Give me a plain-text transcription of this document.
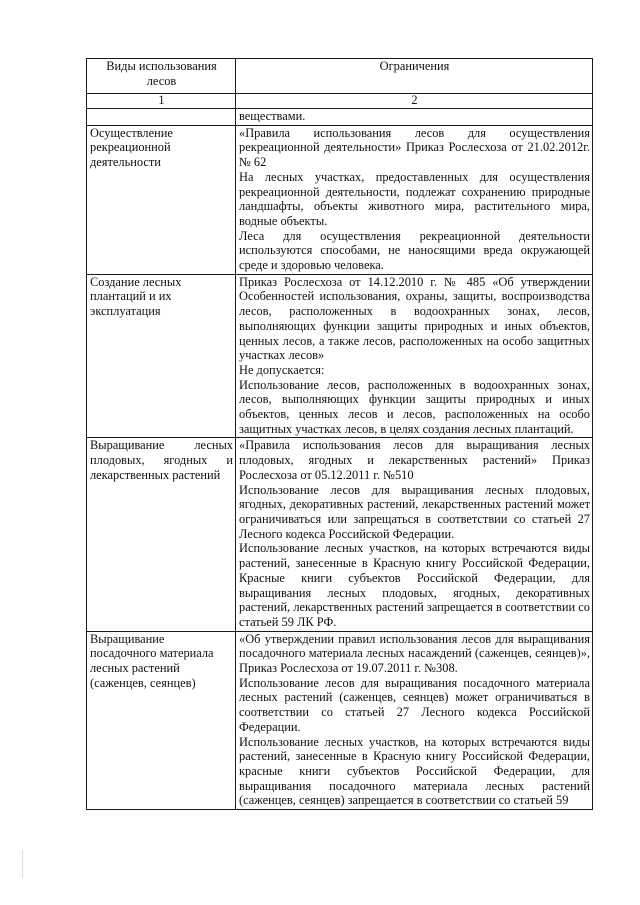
Виды использования лесов	Ограничения
1	2

	веществами.

Осуществление рекреационной деятельности	«Правила использования лесов для осуществления рекреационной деятельности» Приказ Рослесхоза от 21.02.2012г. № 62

На лесных участках, предоставленных для осуществления рекреационной деятельности, подлежат сохранению природные ландшафты, объекты животного мира, растительного мира, водные объекты.

Леса для осуществления рекреационной деятельности используются способами, не наносящими вреда окружающей среде и здоровью человека.

Создание лесных плантаций и их эксплуатация	Приказ Рослесхоза от 14.12.2010 г. № 485 «Об утверждении Особенностей использования, охраны, защиты, воспроизводства лесов, расположенных в водоохранных зонах, лесов, выполняющих функции защиты природных и иных объектов, ценных лесов, а также лесов, расположенных на особо защитных участках лесов»

Не допускается:

Использование лесов, расположенных в водоохранных зонах, лесов, выполняющих функции защиты природных и иных объектов, ценных лесов и лесов, расположенных на особо защитных участках лесов, в целях создания лесных плантаций.

Выращивание лесных плодовых, ягодных и лекарственных растений	«Правила использования лесов для выращивания лесных плодовых, ягодных и лекарственных растений» Приказ Рослесхоза от 05.12.2011 г. №510

Использование лесов для выращивания лесных плодовых, ягодных, декоративных растений, лекарственных растений может ограничиваться или запрещаться в соответствии со статьей 27 Лесного кодекса Российской Федерации.

Использование лесных участков, на которых встречаются виды растений, занесенные в Красную книгу Российской Федерации, Красные книги субъектов Российской Федерации, для выращивания лесных плодовых, ягодных, декоративных растений, лекарственных растений запрещается в соответствии со статьей 59 ЛК РФ.

Выращивание посадочного материала лесных растений (саженцев, сеянцев)	«Об утверждении правил использования лесов для выращивания посадочного материала лесных насаждений (саженцев, сеянцев)», Приказ Рослесхоза от 19.07.2011 г. №308.

Использование лесов для выращивания посадочного материала лесных растений (саженцев, сеянцев) может ограничиваться в соответствии со статьей 27 Лесного кодекса Российской Федерации.

Использование лесных участков, на которых встречаются виды растений, занесенные в Красную книгу Российской Федерации, красные книги субъектов Российской Федерации, для выращивания посадочного материала лесных растений (саженцев, сеянцев) запрещается в соответствии со статьей 59
